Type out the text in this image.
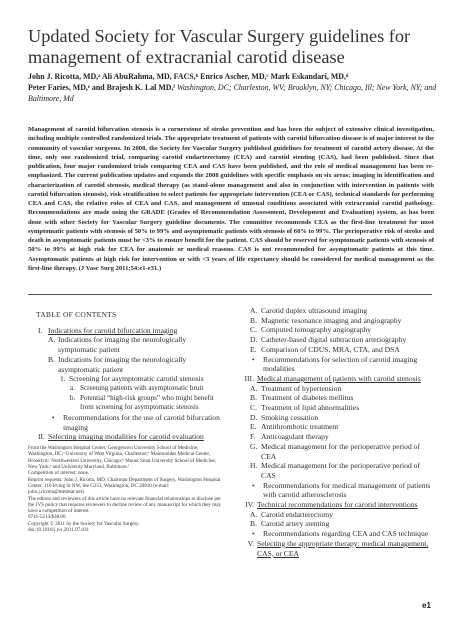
Updated Society for Vascular Surgery guidelines for management of extracranial carotid disease
John J. Ricotta, MD,ᵃ Ali AbuRahma, MD, FACS,ᵇ Enrico Ascher, MD,ᶜ Mark Eskandari, MD,ᵈ
Peter Faries, MD,ᵉ and Brajesh K. Lal MD,ᶠ Washington, DC; Charleston, WV; Brooklyn, NY; Chicago, Ill; New York, NY; and Baltimore, Md
Management of carotid bifurcation stenosis is a cornerstone of stroke prevention and has been the subject of extensive clinical investigation, including multiple controlled randomized trials. The appropriate treatment of patients with carotid bifurcation disease is of major interest to the community of vascular surgeons. In 2008, the Society for Vascular Surgery published guidelines for treatment of carotid artery disease. At the time, only one randomized trial, comparing carotid endarterectomy (CEA) and carotid stenting (CAS), had been published. Since that publication, four major randomized trials comparing CEA and CAS have been published, and the role of medical management has been re-emphasized. The current publication updates and expands the 2008 guidelines with specific emphasis on six areas: imaging in identification and characterization of carotid stenosis, medical therapy (as stand-alone management and also in conjunction with intervention in patients with carotid bifurcation stenosis), risk stratification to select patients for appropriate intervention (CEA or CAS), technical standards for performing CEA and CAS, the relative roles of CEA and CAS, and management of unusual conditions associated with extracranial carotid pathology. Recommendations are made using the GRADE (Grades of Recommendation Assessment, Development and Evaluation) system, as has been done with other Society for Vascular Surgery guideline documents. The committee recommends CEA as the first-line treatment for most symptomatic patients with stenosis of 50% to 99% and asymptomatic patients with stenosis of 60% to 99%. The perioperative risk of stroke and death in asymptomatic patients must be <3% to ensure benefit for the patient. CAS should be reserved for symptomatic patients with stenosis of 50% to 99% at high risk for CEA for anatomic or medical reasons. CAS is not recommended for asymptomatic patients at this time. Asymptomatic patients at high risk for intervention or with <3 years of life expectancy should be considered for medical management as the first-line therapy. (J Vasc Surg 2011;54:e1-e31.)
TABLE OF CONTENTS
I. Indications for carotid bifurcation imaging
A. Indications for imaging the neurologically symptomatic patient
B. Indications for imaging the neurologically asymptomatic patient
1. Screening for asymptomatic carotid stenosis
a. Screening patients with asymptomatic bruit
b. Potential “high-risk groups” who might benefit from screening for asymptomatic stenosis
•	Recommendations for the use of carotid bifurcation imaging
II. Selecting imaging modalities for carotid evaluation
From the Washington Hospital Center, Georgetown University School of Medicine, Washington, DC;ᵃ University of West Virginia, Charleston;ᵇ Maimonides Medical Center, Brooklyn;ᶜ Northwestern University, Chicago;ᵈ Mount Sinai University School of Medicine, New York;ᵉ and University Maryland, Baltimore.ᶠ
Competition of interest: none.
Reprint requests: John J. Ricotta, MD, Chairman Department of Surgery, Washington Hospital Center, 110 Irving St NW, Ste G253, Washington, DC 20010 (e-mail: john.j.ricotta@medstar.net).
The editors and reviewers of this article have no relevant financial relationships to disclose per the JVS policy that requires reviewers to decline review of any manuscript for which they may have a competition of interest.
0741-5214/$36.00
Copyright © 2011 by the Society for Vascular Surgery.
doi:10.1016/j.jvs.2011.07.031
A. Carotid duplex ultrasound imaging
B. Magnetic resonance imaging and angiography
C. Computed tomography angiography
D. Catheter-based digital subtraction arteriography
E. Comparison of CDUS, MRA, CTA, and DSA
•	Recommendations for selection of carotid imaging modalities
III. Medical management of patients with carotid stenosis
A. Treatment of hypertension
B. Treatment of diabetes mellitus
C. Treatment of lipid abnormalities
D. Smoking cessation
E. Antithrombotic treatment
F. Anticoagulant therapy
G. Medical management for the perioperative period of CEA
H. Medical management for the perioperative period of CAS
•	Recommendations for medical management of patients with carotid atherosclerosis
IV. Technical recommendations for carotid interventions
A. Carotid endarterectomy
B. Carotid artery stenting
•	Recommendations regarding CEA and CAS technique
V. Selecting the appropriate therapy: medical management, CAS, or CEA
e1
